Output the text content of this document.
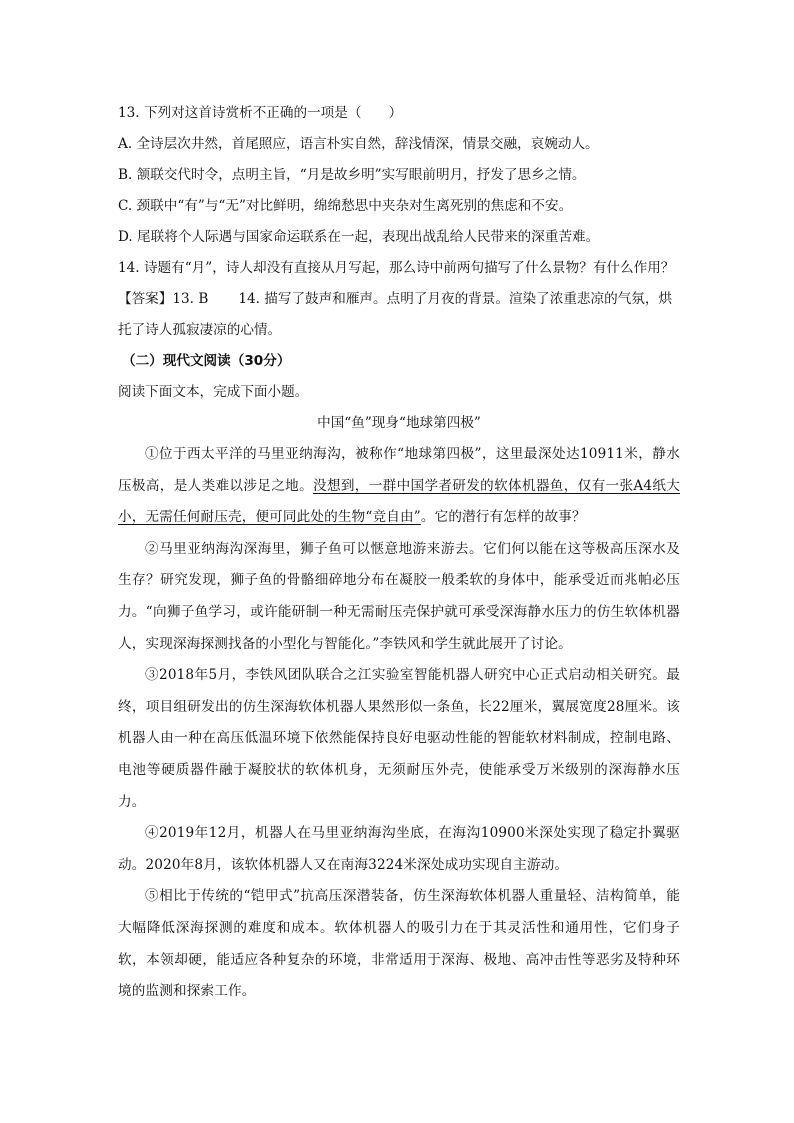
13. 下列对这首诗赏析不正确的一项是（　　）

A. 全诗层次井然，首尾照应，语言朴实自然，辞浅情深，情景交融，哀婉动人。

B. 颔联交代时令，点明主旨，“月是故乡明”实写眼前明月，抒发了思乡之情。

C. 颈联中“有”与“无”对比鲜明，绵绵愁思中夹杂对生离死别的焦虑和不安。

D. 尾联将个人际遇与国家命运联系在一起，表现出战乱给人民带来的深重苦难。

14. 诗题有“月”，诗人却没有直接从月写起，那么诗中前两句描写了什么景物？有什么作用？

【答案】13. B 14. 描写了鼓声和雁声。点明了月夜的背景。渲染了浓重悲凉的气氛，烘托了诗人孤寂凄凉的心情。

（二）现代文阅读（30分）

阅读下面文本，完成下面小题。

中国“鱼”现身“地球第四极”

①位于西太平洋的马里亚纳海沟，被称作“地球第四极”，这里最深处达10911米，静水压极高，是人类难以涉足之地。没想到，一群中国学者研发的软体机器鱼，仅有一张A4纸大小，无需任何耐压壳，便可同此处的生物“竞自由”。它的潜行有怎样的故事？

②马里亚纳海沟深海里，狮子鱼可以惬意地游来游去。它们何以能在这等极高压深水及生存？研究发现，狮子鱼的骨骼细碎地分布在凝胶一般柔软的身体中，能承受近而兆帕必压力。“向狮子鱼学习，或许能研制一种无需耐压壳保护就可承受深海静水压力的仿生软体机器人，实现深海探测找备的小型化与智能化。”李铁风和学生就此展开了讨论。

③2018年5月，李铁风团队联合之江实验室智能机器人研究中心正式启动相关研究。最终，项目组研发出的仿生深海软体机器人果然形似一条鱼，长22厘米，翼展宽度28厘米。该机器人由一种在高压低温环境下依然能保持良好电驱动性能的智能软材料制成，控制电路、电池等硬质器件融于凝胶状的软体机身，无须耐压外壳，使能承受万米级别的深海静水压力。

④2019年12月，机器人在马里亚纳海沟坐底，在海沟10900米深处实现了稳定扑翼驱动。2020年8月，该软体机器人又在南海3224米深处成功实现自主游动。

⑤相比于传统的“铠甲式”抗高压深潜装备，仿生深海软体机器人重量轻、洁构简单，能大幅降低深海探测的难度和成本。软体机器人的吸引力在于其灵活性和通用性，它们身子软，本领却硬，能适应各种复杂的环境，非常适用于深海、极地、高冲击性等恶劣及特种环境的监测和探索工作。
